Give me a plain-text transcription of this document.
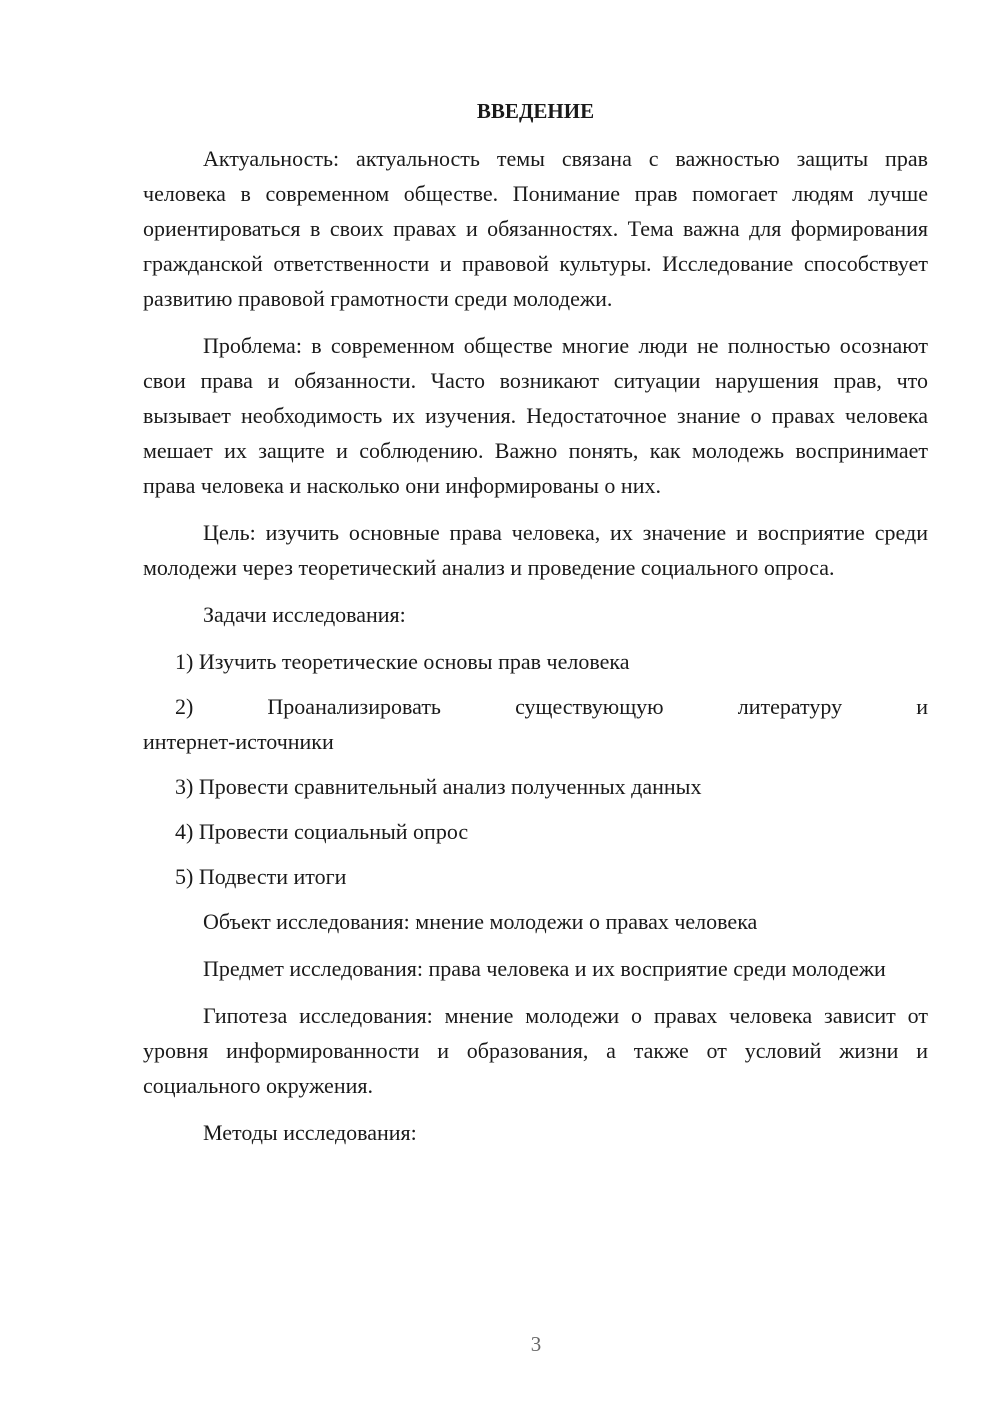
ВВЕДЕНИЕ

Актуальность: актуальность темы связана с важностью защиты прав человека в современном обществе. Понимание прав помогает людям лучше ориентироваться в своих правах и обязанностях. Тема важна для формирования гражданской ответственности и правовой культуры. Исследование способствует развитию правовой грамотности среди молодежи.

Проблема: в современном обществе многие люди не полностью осознают свои права и обязанности. Часто возникают ситуации нарушения прав, что вызывает необходимость их изучения. Недостаточное знание о правах человека мешает их защите и соблюдению. Важно понять, как молодежь воспринимает права человека и насколько они информированы о них.

Цель: изучить основные права человека, их значение и восприятие среди молодежи через теоретический анализ и проведение социального опроса.

Задачи исследования:

1) Изучить теоретические основы прав человека

2)	Проанализировать	существующую	литературу	и
интернет-источники

3) Провести сравнительный анализ полученных данных

4) Провести социальный опрос

5) Подвести итоги

Объект исследования: мнение молодежи о правах человека

Предмет исследования: права человека и их восприятие среди молодежи

Гипотеза исследования: мнение молодежи о правах человека зависит от уровня информированности и образования, а также от условий жизни и социального окружения.

Методы исследования:

3
